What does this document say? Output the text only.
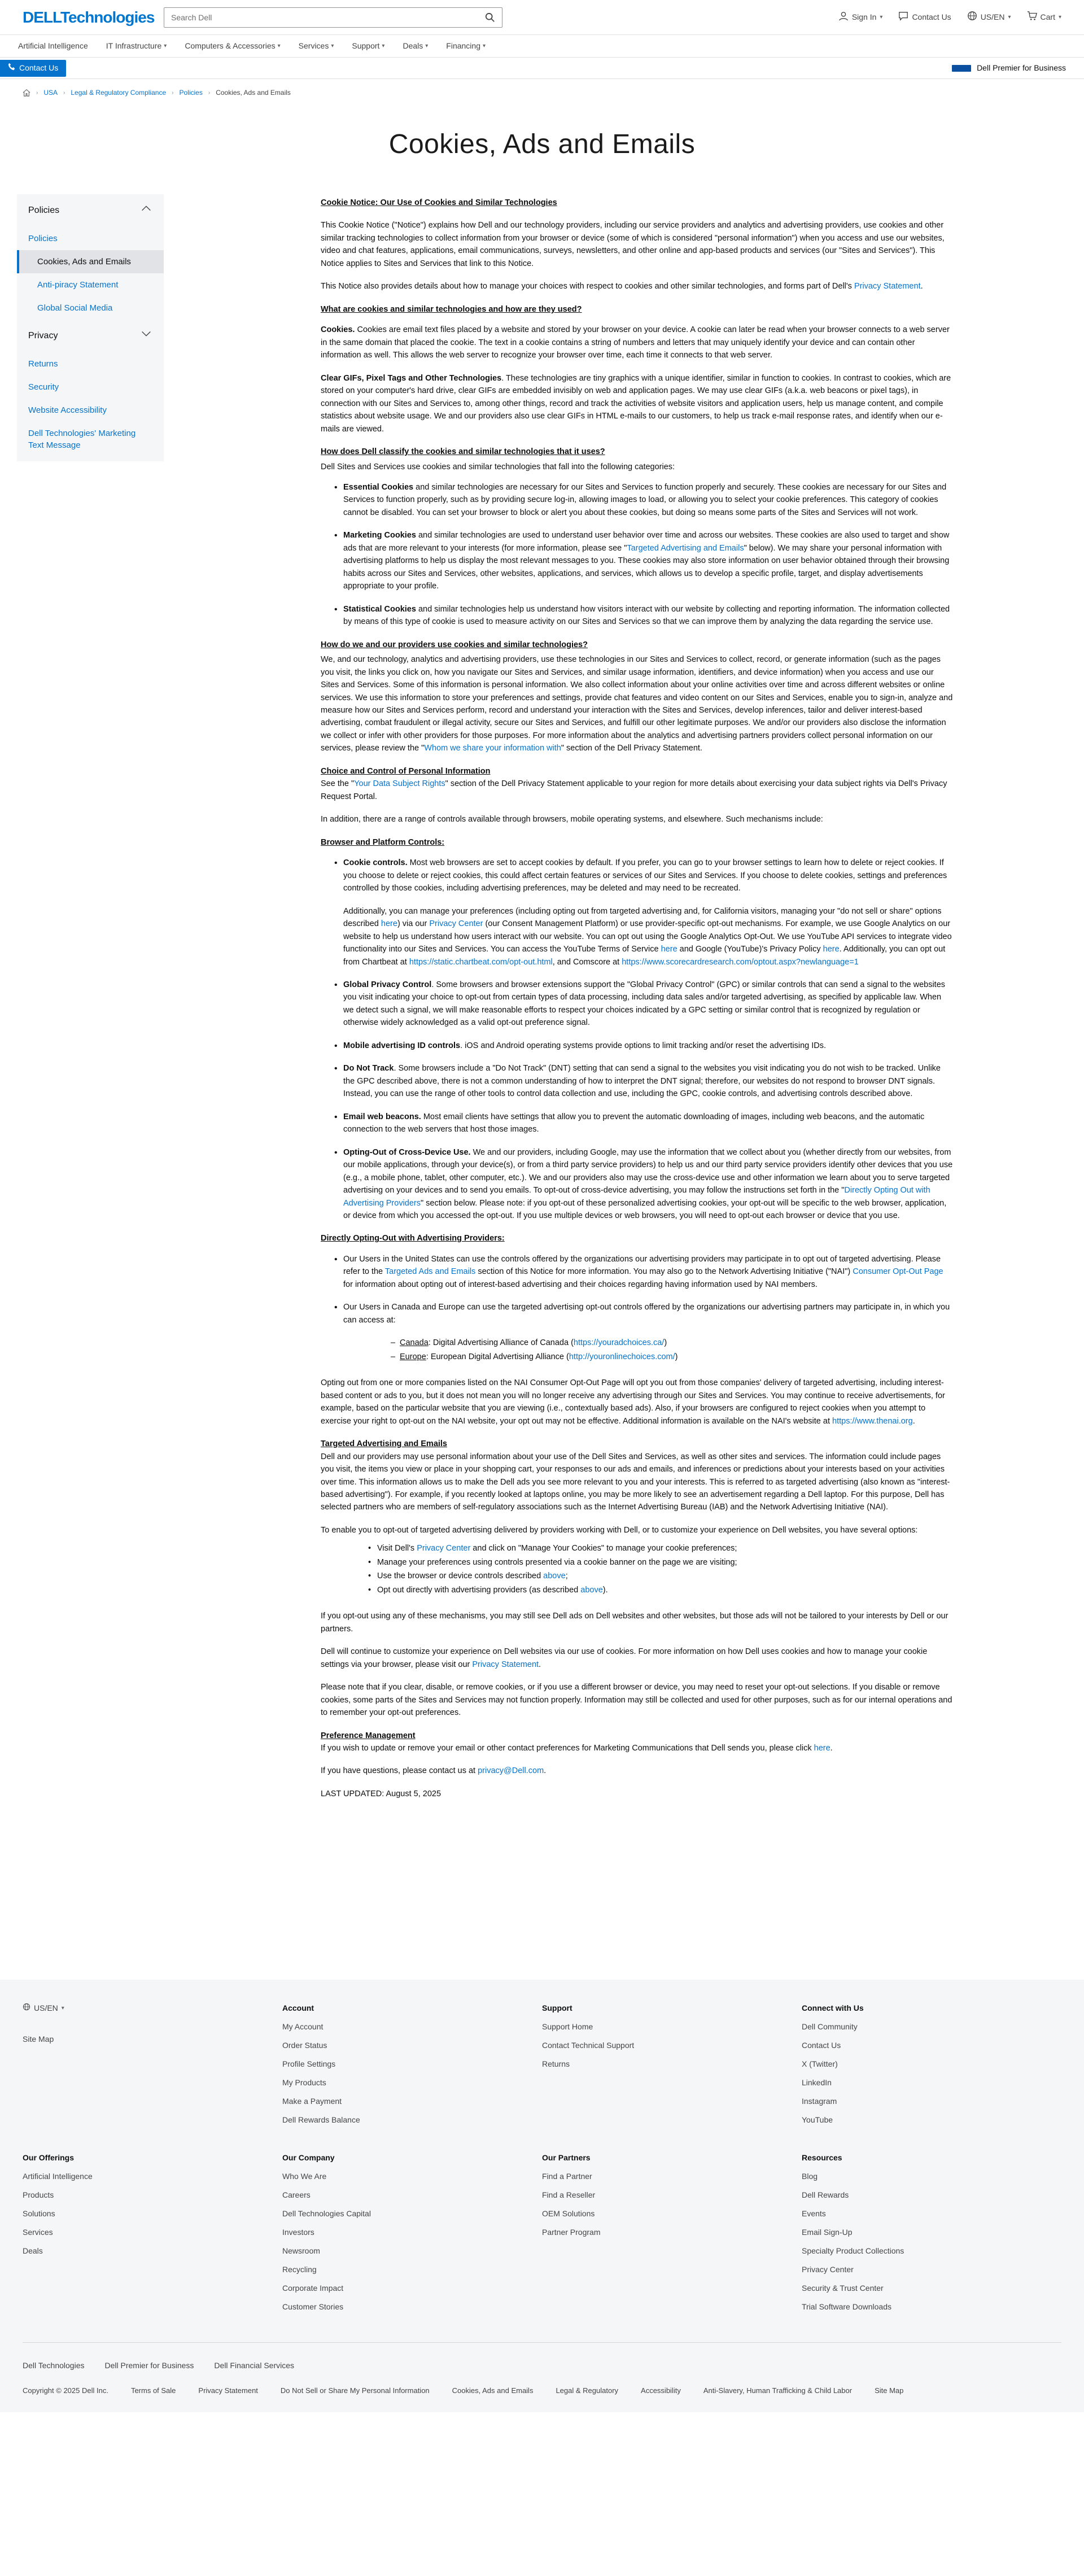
DELLTechnologies
Search Dell	Sign In ▾	Contact Us	US/EN ▾	Cart ▾
Artificial Intelligence IT Infrastructure ▾ Computers & Accessories ▾ Services ▾ Support ▾ Deals ▾ Financing ▾
Contact Us	Dell Premier for Business
› USA › Legal & Regulatory Compliance › Policies › Cookies, Ads and Emails
Cookies, Ads and Emails
Policies
Policies
Cookies, Ads and Emails
Anti-piracy Statement
Global Social Media
Privacy
Returns
Security
Website Accessibility
Dell Technologies' Marketing Text Message
Cookie Notice: Our Use of Cookies and Similar Technologies

This Cookie Notice ("Notice") explains how Dell and our technology providers, including our service providers and analytics and advertising providers, use cookies and other similar tracking technologies to collect information from your browser or device (some of which is considered "personal information") when you access and use our websites, video and chat features, applications, email communications, surveys, newsletters, and other online and app-based products and services (our "Sites and Services"). This Notice applies to Sites and Services that link to this Notice.

This Notice also provides details about how to manage your choices with respect to cookies and other similar technologies, and forms part of Dell's Privacy Statement.

What are cookies and similar technologies and how are they used?

Cookies. Cookies are email text files placed by a website and stored by your browser on your device. A cookie can later be read when your browser connects to a web server in the same domain that placed the cookie. The text in a cookie contains a string of numbers and letters that may uniquely identify your device and can contain other information as well. This allows the web server to recognize your browser over time, each time it connects to that web server.

Clear GIFs, Pixel Tags and Other Technologies. These technologies are tiny graphics with a unique identifier, similar in function to cookies. In contrast to cookies, which are stored on your computer's hard drive, clear GIFs are embedded invisibly on web and application pages. We may use clear GIFs (a.k.a. web beacons or pixel tags), in connection with our Sites and Services to, among other things, record and track the activities of website visitors and application users, help us manage content, and compile statistics about website usage. We and our providers also use clear GIFs in HTML e-mails to our customers, to help us track e-mail response rates, and identify when our e-mails are viewed.

How does Dell classify the cookies and similar technologies that it uses?

Dell Sites and Services use cookies and similar technologies that fall into the following categories:

• Essential Cookies and similar technologies are necessary for our Sites and Services to function properly and securely. These cookies are necessary for our Sites and Services to function properly, such as by providing secure log-in, allowing images to load, or allowing you to select your cookie preferences. This category of cookies cannot be disabled. You can set your browser to block or alert you about these cookies, but doing so means some parts of the Sites and Services will not work.
• Marketing Cookies and similar technologies are used to understand user behavior over time and across our websites. These cookies are also used to target and show ads that are more relevant to your interests (for more information, please see "Targeted Advertising and Emails" below). We may share your personal information with advertising platforms to help us display the most relevant messages to you. These cookies may also store information on user behavior obtained through their browsing habits across our Sites and Services, other websites, applications, and services, which allows us to develop a specific profile, target, and display advertisements appropriate to your profile.
• Statistical Cookies and similar technologies help us understand how visitors interact with our website by collecting and reporting information. The information collected by means of this type of cookie is used to measure activity on our Sites and Services so that we can improve them by analyzing the data regarding the service use.
How do we and our providers use cookies and similar technologies?

We, and our technology, analytics and advertising providers, use these technologies in our Sites and Services to collect, record, or generate information (such as the pages you visit, the links you click on, how you navigate our Sites and Services, and similar usage information, identifiers, and device information) when you access and use our Sites and Services. Some of this information is personal information. We also collect information about your online activities over time and across different websites or online services. We use this information to store your preferences and settings, provide chat features and video content on our Sites and Services, enable you to sign-in, analyze and measure how our Sites and Services perform, record and understand your interaction with the Sites and Services, develop inferences, tailor and deliver interest-based advertising, combat fraudulent or illegal activity, secure our Sites and Services, and fulfill our other legitimate purposes. We and/or our providers also disclose the information we collect or infer with other providers for those purposes. For more information about the analytics and advertising partners providers collect personal information on our services, please review the "Whom we share your information with" section of the Dell Privacy Statement.

Choice and Control of Personal Information

See the "Your Data Subject Rights" section of the Dell Privacy Statement applicable to your region for more details about exercising your data subject rights via Dell's Privacy Request Portal.

In addition, there are a range of controls available through browsers, mobile operating systems, and elsewhere. Such mechanisms include:

Browser and Platform Controls:
• Cookie controls. Most web browsers are set to accept cookies by default. If you prefer, you can go to your browser settings to learn how to delete or reject cookies. If you choose to delete or reject cookies, this could affect certain features or services of our Sites and Services. If you choose to delete cookies, settings and preferences controlled by those cookies, including advertising preferences, may be deleted and may need to be recreated.
Additionally, you can manage your preferences (including opting out from targeted advertising and, for California visitors, managing your "do not sell or share" options described here) via our Privacy Center (our Consent Management Platform) or use provider-specific opt-out mechanisms. For example, we use Google Analytics on our website to help us understand how users interact with our website. You can opt out using the Google Analytics Opt-Out. We use YouTube API services to integrate video functionality into our Sites and Services. You can access the YouTube Terms of Service here and Google (YouTube)'s Privacy Policy here. Additionally, you can opt out from Chartbeat at https://static.chartbeat.com/opt-out.html, and Comscore at https://www.scorecardresearch.com/optout.aspx?newlanguage=1
• Global Privacy Control. Some browsers and browser extensions support the "Global Privacy Control" (GPC) or similar controls that can send a signal to the websites you visit indicating your choice to opt-out from certain types of data processing, including data sales and/or targeted advertising, as specified by applicable law. When we detect such a signal, we will make reasonable efforts to respect your choices indicated by a GPC setting or similar control that is recognized by regulation or otherwise widely acknowledged as a valid opt-out preference signal.
• Mobile advertising ID controls. iOS and Android operating systems provide options to limit tracking and/or reset the advertising IDs.
• Do Not Track. Some browsers include a "Do Not Track" (DNT) setting that can send a signal to the websites you visit indicating you do not wish to be tracked. Unlike the GPC described above, there is not a common understanding of how to interpret the DNT signal; therefore, our websites do not respond to browser DNT signals. Instead, you can use the range of other tools to control data collection and use, including the GPC, cookie controls, and advertising controls described above.
• Email web beacons. Most email clients have settings that allow you to prevent the automatic downloading of images, including web beacons, and the automatic connection to the web servers that host those images.
• Opting-Out of Cross-Device Use. We and our providers, including Google, may use the information that we collect about you (whether directly from our websites, from our mobile applications, through your device(s), or from a third party service providers) to help us and our third party service providers identify other devices that you use (e.g., a mobile phone, tablet, other computer, etc.). We and our providers also may use the cross-device use and other information we learn about you to serve targeted advertising on your devices and to send you emails. To opt-out of cross-device advertising, you may follow the instructions set forth in the "Directly Opting Out with Advertising Providers" section below. Please note: if you opt-out of these personalized advertising cookies, your opt-out will be specific to the web browser, application, or device from which you accessed the opt-out. If you use multiple devices or web browsers, you will need to opt-out each browser or device that you use.
Directly Opting-Out with Advertising Providers:
• Our Users in the United States can use the controls offered by the organizations our advertising providers may participate in to opt out of targeted advertising. Please refer to the Targeted Ads and Emails section of this Notice for more information. You may also go to the Network Advertising Initiative ("NAI") Consumer Opt-Out Page for information about opting out of interest-based advertising and their choices regarding having information used by NAI members.
• Our Users in Canada and Europe can use the targeted advertising opt-out controls offered by the organizations our advertising partners may participate in, in which you can access at:
– Canada: Digital Advertising Alliance of Canada (https://youradchoices.ca/)
– Europe: European Digital Advertising Alliance (http://youronlinechoices.com/)

Opting out from one or more companies listed on the NAI Consumer Opt-Out Page will opt you out from those companies' delivery of targeted advertising, including interest-based content or ads to you, but it does not mean you will no longer receive any advertising through our Sites and Services. You may continue to receive advertisements, for example, based on the particular website that you are viewing (i.e., contextually based ads). Also, if your browsers are configured to reject cookies when you attempt to exercise your right to opt-out on the NAI website, your opt out may not be effective. Additional information is available on the NAI's website at https://www.thenai.org.

Targeted Advertising and Emails

Dell and our providers may use personal information about your use of the Dell Sites and Services, as well as other sites and services. The information could include pages you visit, the items you view or place in your shopping cart, your responses to our ads and emails, and inferences or predictions about your interests based on your activities over time. This information allows us to make the Dell ads you see more relevant to you and your interests. This is referred to as targeted advertising (also known as "interest-based advertising"). For example, if you recently looked at laptops online, you may be more likely to see an advertisement regarding a Dell laptop. For this purpose, Dell has selected partners who are members of self-regulatory associations such as the Internet Advertising Bureau (IAB) and the Network Advertising Initiative (NAI).

To enable you to opt-out of targeted advertising delivered by providers working with Dell, or to customize your experience on Dell websites, you have several options:

• Visit Dell's Privacy Center and click on "Manage Your Cookies" to manage your cookie preferences;
• Manage your preferences using controls presented via a cookie banner on the page we are visiting;
• Use the browser or device controls described above;
• Opt out directly with advertising providers (as described above).

If you opt-out using any of these mechanisms, you may still see Dell ads on Dell websites and other websites, but those ads will not be tailored to your interests by Dell or our partners.

Dell will continue to customize your experience on Dell websites via our use of cookies. For more information on how Dell uses cookies and how to manage your cookie settings via your browser, please visit our Privacy Statement.

Please note that if you clear, disable, or remove cookies, or if you use a different browser or device, you may need to reset your opt-out selections. If you disable or remove cookies, some parts of the Sites and Services may not function properly. Information may still be collected and used for other purposes, such as for our internal operations and to remember your opt-out preferences.

Preference Management

If you wish to update or remove your email or other contact preferences for Marketing Communications that Dell sends you, please click here.

If you have questions, please contact us at privacy@Dell.com.

LAST UPDATED: August 5, 2025

US/EN ▾
Site Map
Account
My Account
Order Status
Profile Settings
My Products
Make a Payment
Dell Rewards Balance
Support
Support Home
Contact Technical Support
Returns
Connect with Us
Dell Community
Contact Us
X (Twitter)
LinkedIn
Instagram
YouTube
Our Offerings
Artificial Intelligence
Products
Solutions
Services
Deals
Our Company
Who We Are
Careers
Dell Technologies Capital
Investors
Newsroom
Recycling
Corporate Impact
Customer Stories
Our Partners
Find a Partner
Find a Reseller
OEM Solutions
Partner Program
Resources
Blog
Dell Rewards
Events
Email Sign-Up
Specialty Product Collections
Privacy Center
Security & Trust Center
Trial Software Downloads
Dell Technologies	Dell Premier for Business	Dell Financial Services
Copyright © 2025 Dell Inc.	Terms of Sale	Privacy Statement	Do Not Sell or Share My Personal Information	Cookies, Ads and Emails	Legal & Regulatory	Accessibility	Anti-Slavery, Human Trafficking & Child Labor	Site Map
